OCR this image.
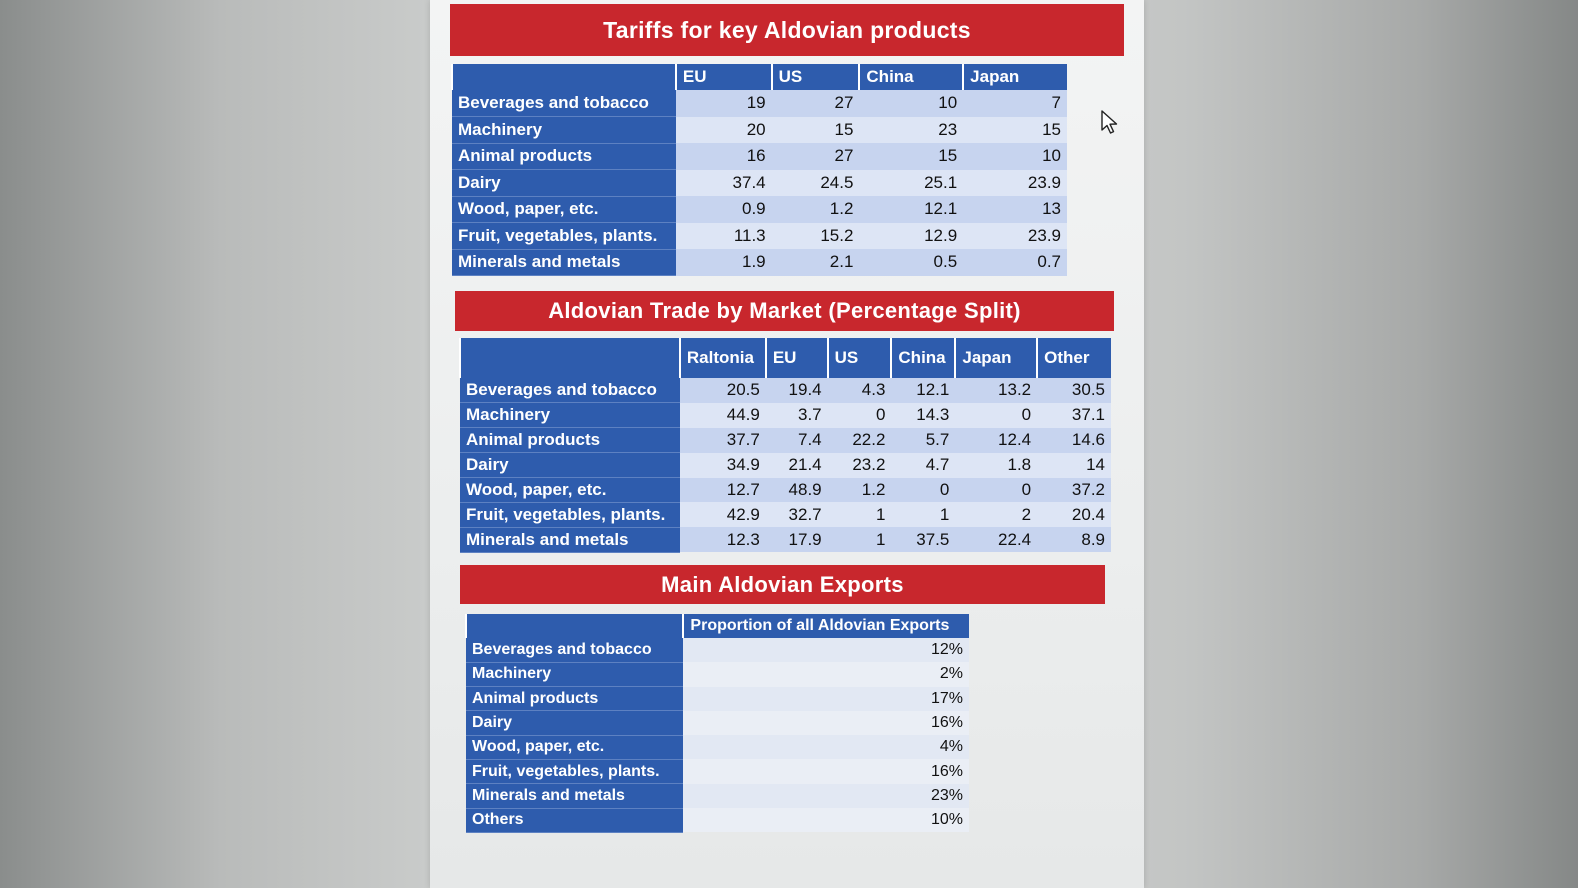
Tariffs for key Aldovian products
	EU	US	China	Japan
Beverages and tobacco	19	27	10	7
Machinery	20	15	23	15
Animal products	16	27	15	10
Dairy	37.4	24.5	25.1	23.9
Wood, paper, etc.	0.9	1.2	12.1	13
Fruit, vegetables, plants.	11.3	15.2	12.9	23.9
Minerals and metals	1.9	2.1	0.5	0.7
Aldovian Trade by Market (Percentage Split)
	Raltonia	EU	US	China	Japan	Other
Beverages and tobacco	20.5	19.4	4.3	12.1	13.2	30.5
Machinery	44.9	3.7	0	14.3	0	37.1
Animal products	37.7	7.4	22.2	5.7	12.4	14.6
Dairy	34.9	21.4	23.2	4.7	1.8	14
Wood, paper, etc.	12.7	48.9	1.2	0	0	37.2
Fruit, vegetables, plants.	42.9	32.7	1	1	2	20.4
Minerals and metals	12.3	17.9	1	37.5	22.4	8.9
Main Aldovian Exports
	Proportion of all Aldovian Exports
Beverages and tobacco	12%
Machinery	2%
Animal products	17%
Dairy	16%
Wood, paper, etc.	4%
Fruit, vegetables, plants.	16%
Minerals and metals	23%
Others	10%
